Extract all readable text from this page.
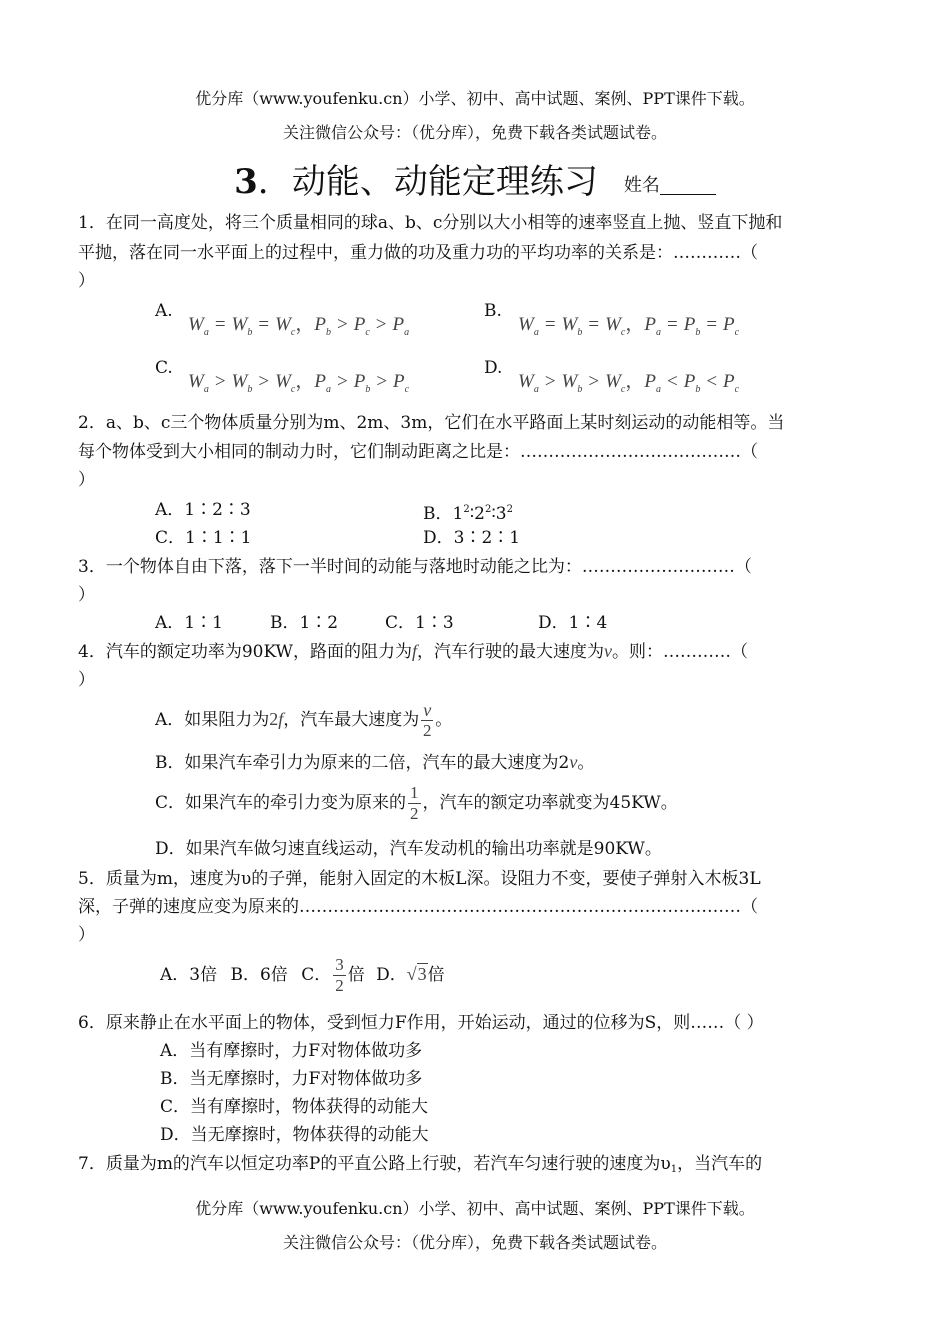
优分库（www.youfenku.cn）小学、初中、高中试题、案例、PPT课件下载。
关注微信公众号：（优分库），免费下载各类试题试卷。
3．动能、动能定理练习 姓名
1．在同一高度处，将三个质量相同的球a、b、c分别以大小相等的速率竖直上抛、竖直下抛和
平抛，落在同一水平面上的过程中，重力做的功及重力功的平均功率的关系是：…………（
）
A.
$W_a = W_b = W_c$，$P_b > P_c > P_a$
B.
$W_a = W_b = W_c$，$P_a = P_b = P_c$
C.
$W_a > W_b > W_c$，$P_a > P_b > P_c$
D.
$W_a > W_b > W_c$，$P_a < P_b < P_c$
2．a、b、c三个物体质量分别为m、2m、3m，它们在水平路面上某时刻运动的动能相等。当
每个物体受到大小相同的制动力时，它们制动距离之比是：…………………………………（
）
A．1∶2∶3	B．$1^2∶2^2∶3^2$
C．1∶1∶1	D．3∶2∶1
3．一个物体自由下落，落下一半时间的动能与落地时动能之比为：………………………（
）
A．1∶1	B．1∶2	C．1∶3	D．1∶4
4．汽车的额定功率为90KW，路面的阻力为f，汽车行驶的最大速度为v。则：…………（
）
A．如果阻力为2f，汽车最大速度为 $\frac{v}{2}$ 。
B．如果汽车牵引力为原来的二倍，汽车的最大速度为2v。
C．如果汽车的牵引力变为原来的 $\frac{1}{2}$ ，汽车的额定功率就变为45KW。
D．如果汽车做匀速直线运动，汽车发动机的输出功率就是90KW。
5．质量为m，速度为υ的子弹，能射入固定的木板L深。设阻力不变，要使子弹射入木板3L
深，子弹的速度应变为原来的……………………………………………………………………（
）
A．3倍 B．6倍 C． $\frac{3}{2}$ 倍 D．√3倍
6．原来静止在水平面上的物体，受到恒力F作用，开始运动，通过的位移为S，则……（ ）
A．当有摩擦时，力F对物体做功多
B．当无摩擦时，力F对物体做功多
C．当有摩擦时，物体获得的动能大
D．当无摩擦时，物体获得的动能大
7．质量为m的汽车以恒定功率P的平直公路上行驶，若汽车匀速行驶的速度为υ1，当汽车的
优分库（www.youfenku.cn）小学、初中、高中试题、案例、PPT课件下载。
关注微信公众号：（优分库），免费下载各类试题试卷。
